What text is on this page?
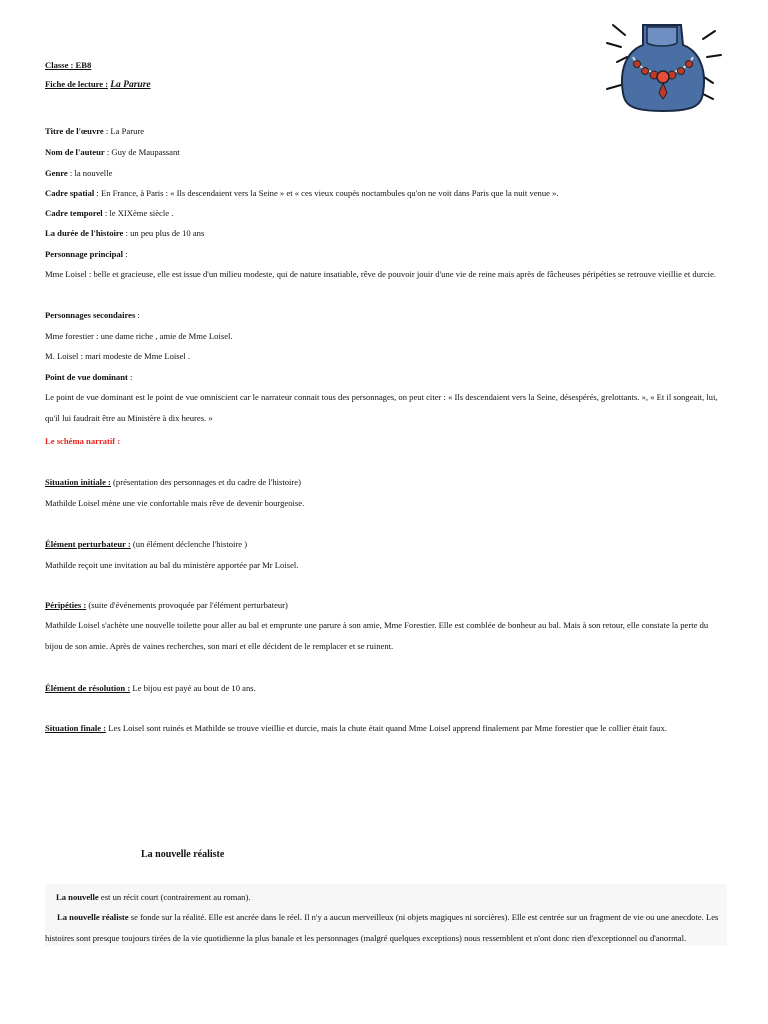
Classe : EB8
Fiche de lecture : La Parure
Titre de l'œuvre : La Parure
Nom de l'auteur : Guy de Maupassant
Genre : la nouvelle
Cadre spatial : En France, à Paris : « Ils descendaient vers la Seine » et « ces vieux coupés noctambules qu'on ne voit dans Paris que la nuit venue ».
Cadre temporel : le XIXème siècle .
La durée de l'histoire : un peu plus de 10 ans
Personnage principal :
Mme Loisel : belle et gracieuse, elle est issue d'un milieu modeste, qui de nature insatiable, rêve de pouvoir jouir d'une vie de reine mais après de fâcheuses péripéties se retrouve vieillie et durcie.
Personnages secondaires :
Mme forestier : une dame riche , amie de Mme Loisel.
M. Loisel : mari modeste de Mme Loisel .
Point de vue dominant :
Le point de vue dominant est le point de vue omniscient car le narrateur connait tous des personnages, on peut citer : « Ils descendaient vers la Seine, désespérés, grelottants. », « Et il songeait, lui, qu'il lui faudrait être au Ministère à dix heures. »
Le schéma narratif :
Situation initiale : (présentation des personnages et du cadre de l'histoire)
Mathilde Loisel mène une vie confortable mais rêve de devenir bourgeoise.
Élément perturbateur : (un élément déclenche l'histoire )
Mathilde reçoit une invitation au bal du ministère apportée par Mr Loisel.
Péripéties : (suite d'événements provoquée par l'élément perturbateur)
Mathilde Loisel s'achète une nouvelle toilette pour aller au bal et emprunte une parure à son amie, Mme Forestier. Elle est comblée de bonheur au bal. Mais à son retour, elle constate la perte du bijou de son amie. Après de vaines recherches, son mari et elle décident de le remplacer et se ruinent.
Élément de résolution : Le bijou est payé au bout de 10 ans.
Situation finale : Les Loisel sont ruinés et Mathilde se trouve vieillie et durcie, mais la chute était quand Mme Loisel apprend finalement par Mme forestier que le collier était faux.
La nouvelle réaliste
La nouvelle est un récit court (contrairement au roman).
La nouvelle réaliste se fonde sur la réalité. Elle est ancrée dans le réel. Il n'y a aucun merveilleux (ni objets magiques ni sorcières). Elle est centrée sur un fragment de vie ou une anecdote. Les histoires sont presque toujours tirées de la vie quotidienne la plus banale et les personnages (malgré quelques exceptions) nous ressemblent et n'ont donc rien d'exceptionnel ou d'anormal.
